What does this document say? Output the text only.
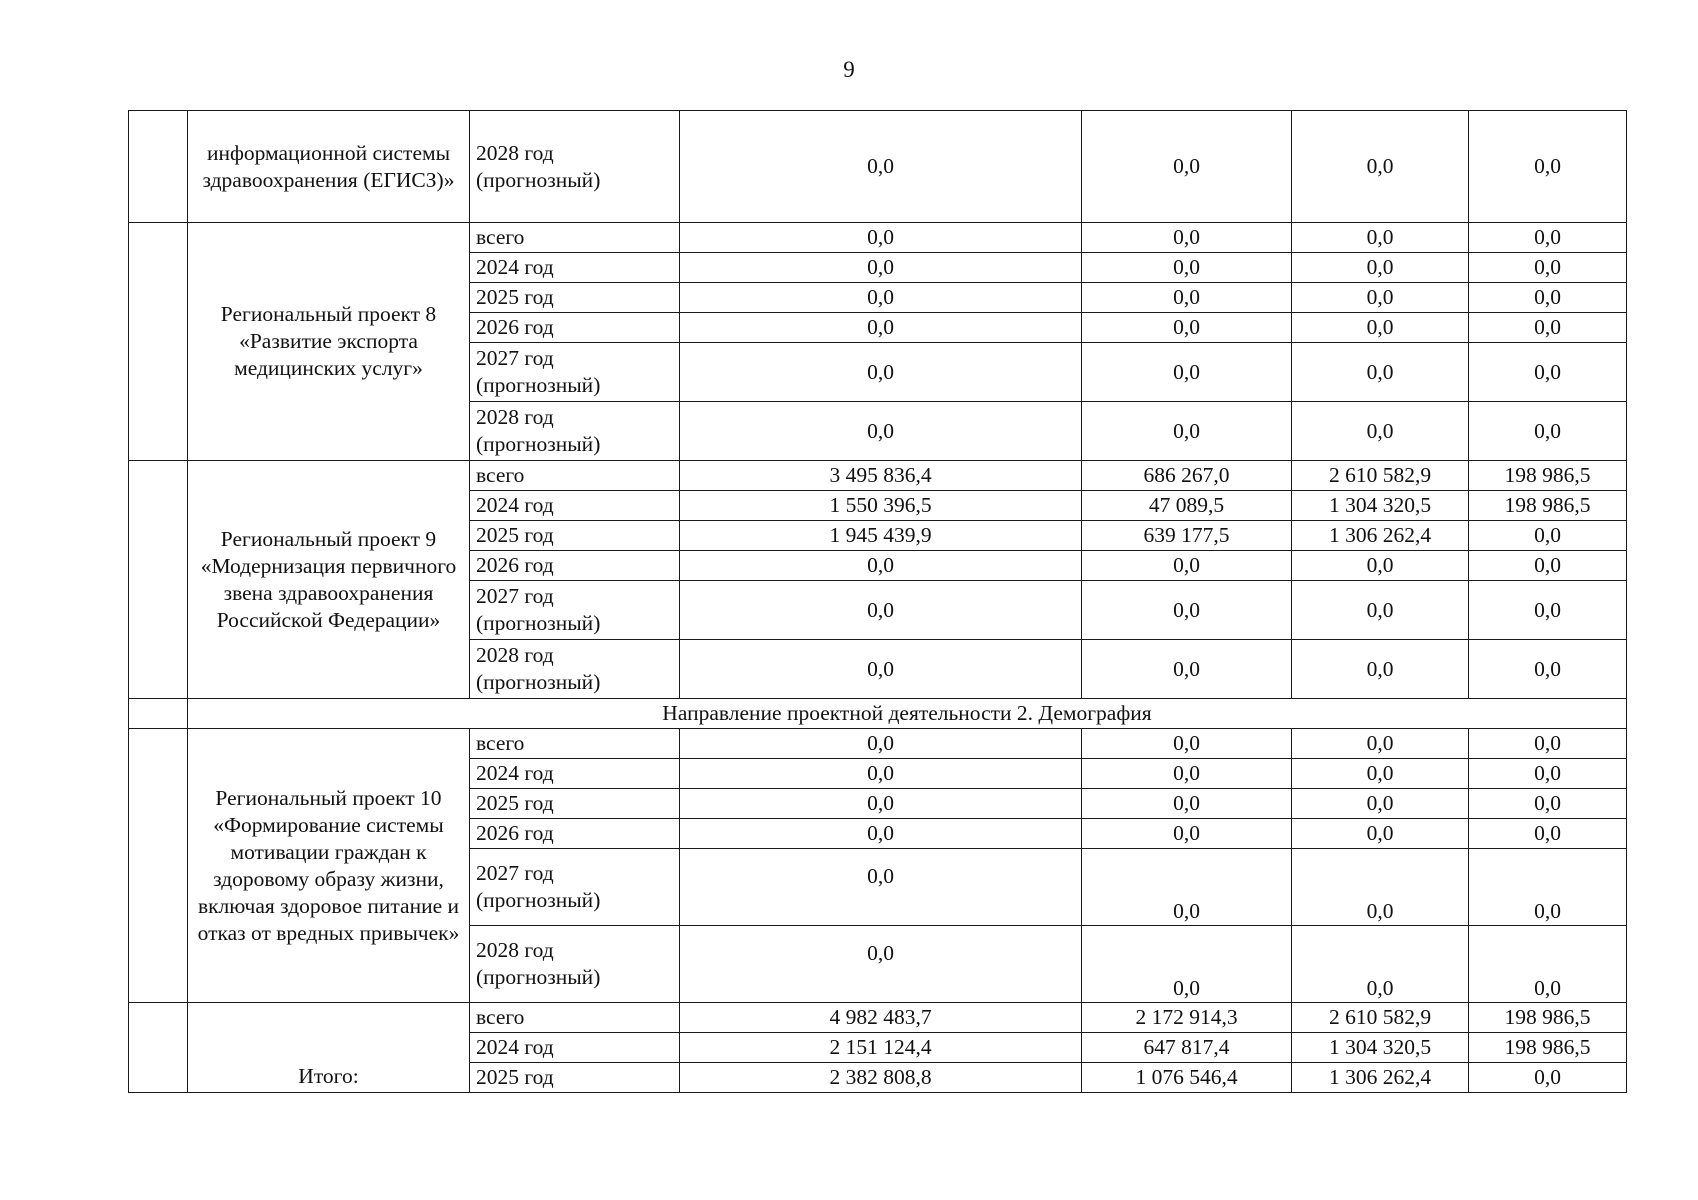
9
	информационной системы здравоохранения (ЕГИСЗ)»	2028 год (прогнозный)	0,0	0,0	0,0	0,0
	Региональный проект 8 «Развитие экспорта медицинских услуг»	всего	0,0	0,0	0,0	0,0
		2024 год	0,0	0,0	0,0	0,0
		2025 год	0,0	0,0	0,0	0,0
		2026 год	0,0	0,0	0,0	0,0
		2027 год (прогнозный)	0,0	0,0	0,0	0,0
		2028 год (прогнозный)	0,0	0,0	0,0	0,0
	Региональный проект 9 «Модернизация первичного звена здравоохранения Российской Федерации»	всего	3 495 836,4	686 267,0	2 610 582,9	198 986,5
		2024 год	1 550 396,5	47 089,5	1 304 320,5	198 986,5
		2025 год	1 945 439,9	639 177,5	1 306 262,4	0,0
		2026 год	0,0	0,0	0,0	0,0
		2027 год (прогнозный)	0,0	0,0	0,0	0,0
		2028 год (прогнозный)	0,0	0,0	0,0	0,0
	Направление проектной деятельности 2. Демография					
	Региональный проект 10 «Формирование системы мотивации граждан к здоровому образу жизни, включая здоровое питание и отказ от вредных привычек»	всего	0,0	0,0	0,0	0,0
		2024 год	0,0	0,0	0,0	0,0
		2025 год	0,0	0,0	0,0	0,0
		2026 год	0,0	0,0	0,0	0,0
		2027 год (прогнозный)	0,0	0,0	0,0	0,0
		2028 год (прогнозный)	0,0	0,0	0,0	0,0
	Итого:	всего	4 982 483,7	2 172 914,3	2 610 582,9	198 986,5
		2024 год	2 151 124,4	647 817,4	1 304 320,5	198 986,5
		2025 год	2 382 808,8	1 076 546,4	1 306 262,4	0,0
